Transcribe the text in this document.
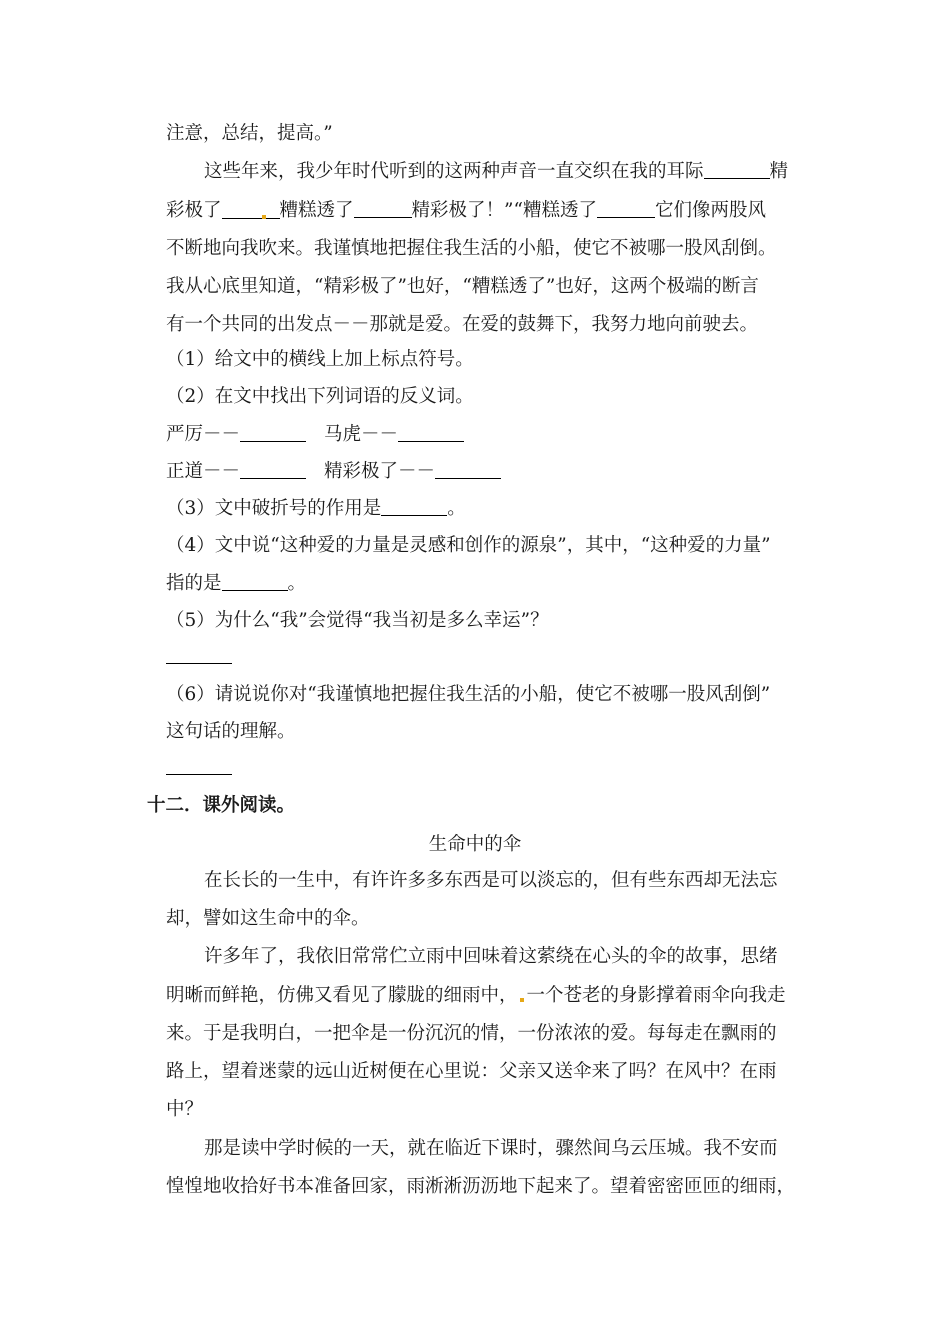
注意，总结，提高。”
这些年来，我少年时代听到的这两种声音一直交织在我的耳际	精
彩极了	糟糕透了	精彩极了！”“糟糕透了	它们像两股风
不断地向我吹来。我谨慎地把握住我生活的小船，使它不被哪一股风刮倒。
我从心底里知道，“精彩极了”也好，“糟糕透了”也好，这两个极端的断言
有一个共同的出发点－－那就是爱。在爱的鼓舞下，我努力地向前驶去。
（1）给文中的横线上加上标点符号。
（2）在文中找出下列词语的反义词。
严厉－－	马虎－－
正道－－	精彩极了－－
（3）文中破折号的作用是	。
（4）文中说“这种爱的力量是灵感和创作的源泉”，其中，“这种爱的力量”
指的是	。
（5）为什么“我”会觉得“我当初是多么幸运”？
（6）请说说你对“我谨慎地把握住我生活的小船，使它不被哪一股风刮倒”
这句话的理解。
十二．课外阅读。
生命中的伞
在长长的一生中，有许许多多东西是可以淡忘的，但有些东西却无法忘
却，譬如这生命中的伞。
许多年了，我依旧常常伫立雨中回味着这萦绕在心头的伞的故事，思绪
明晰而鲜艳，仿佛又看见了朦胧的细雨中， 一个苍老的身影撑着雨伞向我走
来。于是我明白，一把伞是一份沉沉的情，一份浓浓的爱。每每走在飘雨的
路上，望着迷蒙的远山近树便在心里说：父亲又送伞来了吗？在风中？在雨
中？
那是读中学时候的一天，就在临近下课时，骤然间乌云压城。我不安而
惶惶地收拾好书本准备回家，雨淅淅沥沥地下起来了。望着密密匝匝的细雨，
